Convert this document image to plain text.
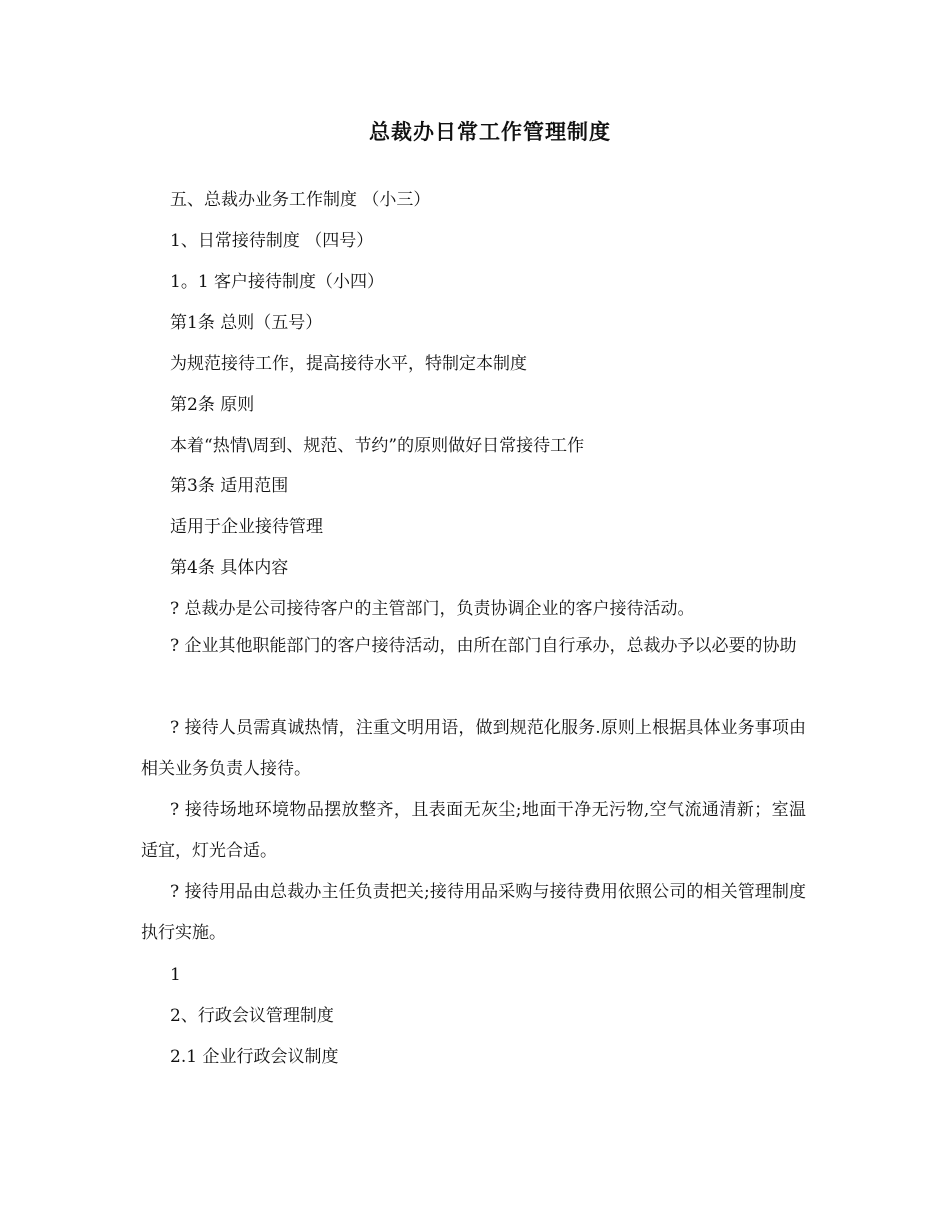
总裁办日常工作管理制度
五、总裁办业务工作制度 （小三）
1、日常接待制度 （四号）
1。1 客户接待制度（小四）
第1条 总则（五号）
为规范接待工作，提高接待水平，特制定本制度
第2条 原则
本着“热情\周到、规范、节约”的原则做好日常接待工作
第3条 适用范围
适用于企业接待管理
第4条 具体内容
? 总裁办是公司接待客户的主管部门，负责协调企业的客户接待活动。
? 企业其他职能部门的客户接待活动，由所在部门自行承办，总裁办予以必要的协助
? 接待人员需真诚热情，注重文明用语，做到规范化服务.原则上根据具体业务事项由相关业务负责人接待。
? 接待场地环境物品摆放整齐，且表面无灰尘;地面干净无污物,空气流通清新；室温适宜，灯光合适。
? 接待用品由总裁办主任负责把关;接待用品采购与接待费用依照公司的相关管理制度执行实施。
1
2、行政会议管理制度
2.1 企业行政会议制度
